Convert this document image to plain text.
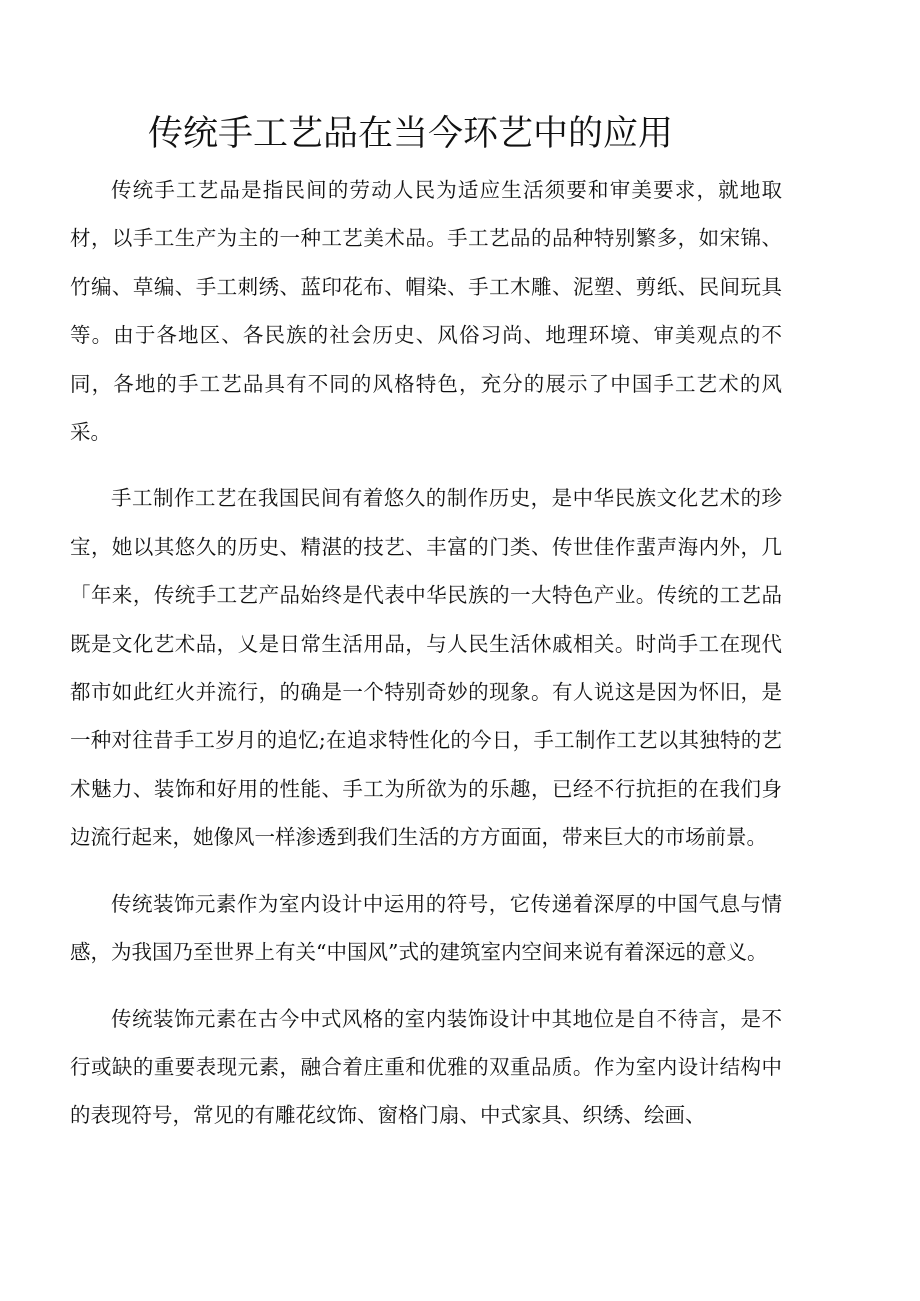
传统手工艺品在当今环艺中的应用

传统手工艺品是指民间的劳动人民为适应生活须要和审美要求，就地取材，以手工生产为主的一种工艺美术品。手工艺品的品种特别繁多，如宋锦、竹编、草编、手工刺绣、蓝印花布、帽染、手工木雕、泥塑、剪纸、民间玩具等。由于各地区、各民族的社会历史、风俗习尚、地理环境、审美观点的不同，各地的手工艺品具有不同的风格特色，充分的展示了中国手工艺术的风采。

手工制作工艺在我国民间有着悠久的制作历史，是中华民族文化艺术的珍宝，她以其悠久的历史、精湛的技艺、丰富的门类、传世佳作蜚声海内外，几「年来，传统手工艺产品始终是代表中华民族的一大特色产业。传统的工艺品既是文化艺术品，乂是日常生活用品，与人民生活休戚相关。时尚手工在现代都市如此红火并流行，的确是一个特别奇妙的现象。有人说这是因为怀旧，是一种对往昔手工岁月的追忆;在追求特性化的今日，手工制作工艺以其独特的艺术魅力、装饰和好用的性能、手工为所欲为的乐趣，已经不行抗拒的在我们身边流行起来，她像风一样渗透到我们生活的方方面面，带来巨大的市场前景。

传统装饰元素作为室内设计中运用的符号，它传递着深厚的中国气息与情感，为我国乃至世界上有关“中国风”式的建筑室内空间来说有着深远的意义。

传统装饰元素在古今中式风格的室内装饰设计中其地位是自不待言，是不行或缺的重要表现元素，融合着庄重和优雅的双重品质。作为室内设计结构中的表现符号，常见的有雕花纹饰、窗格门扇、中式家具、织绣、绘画、
